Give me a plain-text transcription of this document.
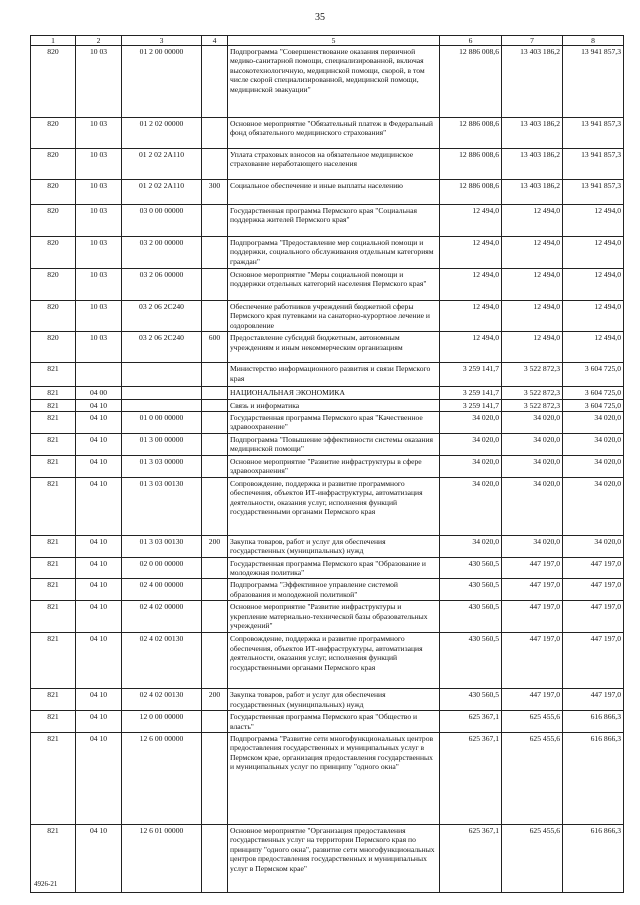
35
1	2	3	4	5	6	7	8
820	10 03	01 2 00 00000		Подпрограмма "Совершенствование оказания первичной медико-санитарной помощи, специализированной, включая высокотехнологичную, медицинской помощи, скорой, в том числе скорой специализированной, медицинской помощи, медицинской эвакуации"	12 886 008,6	13 403 186,2	13 941 857,3
820	10 03	01 2 02 00000		Основное мероприятие "Обязательный платеж в Федеральный фонд обязательного медицинского страхования"	12 886 008,6	13 403 186,2	13 941 857,3
820	10 03	01 2 02 2А110		Уплата страховых взносов на обязательное медицинское страхование неработающего населения	12 886 008,6	13 403 186,2	13 941 857,3
820	10 03	01 2 02 2А110	300	Социальное обеспечение и иные выплаты населению	12 886 008,6	13 403 186,2	13 941 857,3
820	10 03	03 0 00 00000		Государственная программа Пермского края "Социальная поддержка жителей Пермского края"	12 494,0	12 494,0	12 494,0
820	10 03	03 2 00 00000		Подпрограмма "Предоставление мер социальной помощи и поддержки, социального обслуживания отдельным категориям граждан"	12 494,0	12 494,0	12 494,0
820	10 03	03 2 06 00000		Основное мероприятие "Меры социальной помощи и поддержки отдельных категорий населения Пермского края"	12 494,0	12 494,0	12 494,0
820	10 03	03 2 06 2С240		Обеспечение работников учреждений бюджетной сферы Пермского края путевками на санаторно-курортное лечение и оздоровление	12 494,0	12 494,0	12 494,0
820	10 03	03 2 06 2С240	600	Предоставление субсидий бюджетным, автономным учреждениям и иным некоммерческим организациям	12 494,0	12 494,0	12 494,0
821				Министерство информационного развития и связи Пермского края	3 259 141,7	3 522 872,3	3 604 725,0
821	04 00			НАЦИОНАЛЬНАЯ ЭКОНОМИКА	3 259 141,7	3 522 872,3	3 604 725,0
821	04 10			Связь и информатика	3 259 141,7	3 522 872,3	3 604 725,0
821	04 10	01 0 00 00000		Государственная программа Пермского края "Качественное здравоохранение"	34 020,0	34 020,0	34 020,0
821	04 10	01 3 00 00000		Подпрограмма "Повышение эффективности системы оказания медицинской помощи"	34 020,0	34 020,0	34 020,0
821	04 10	01 3 03 00000		Основное мероприятие "Развитие инфраструктуры в сфере здравоохранения"	34 020,0	34 020,0	34 020,0
821	04 10	01 3 03 00130		Сопровождение, поддержка и развитие программного обеспечения, объектов ИТ-инфраструктуры, автоматизация деятельности, оказания услуг, исполнения функций государственными органами Пермского края	34 020,0	34 020,0	34 020,0
821	04 10	01 3 03 00130	200	Закупка товаров, работ и услуг для обеспечения государственных (муниципальных) нужд	34 020,0	34 020,0	34 020,0
821	04 10	02 0 00 00000		Государственная программа Пермского края "Образование и молодежная политика"	430 560,5	447 197,0	447 197,0
821	04 10	02 4 00 00000		Подпрограмма "Эффективное управление системой образования и молодежной политикой"	430 560,5	447 197,0	447 197,0
821	04 10	02 4 02 00000		Основное мероприятие "Развитие инфраструктуры и укрепление материально-технической базы образовательных учреждений"	430 560,5	447 197,0	447 197,0
821	04 10	02 4 02 00130		Сопровождение, поддержка и развитие программного обеспечения, объектов ИТ-инфраструктуры, автоматизация деятельности, оказания услуг, исполнения функций государственными органами Пермского края	430 560,5	447 197,0	447 197,0
821	04 10	02 4 02 00130	200	Закупка товаров, работ и услуг для обеспечения государственных (муниципальных) нужд	430 560,5	447 197,0	447 197,0
821	04 10	12 0 00 00000		Государственная программа Пермского края "Общество и власть"	625 367,1	625 455,6	616 866,3
821	04 10	12 6 00 00000		Подпрограмма "Развитие сети многофункциональных центров предоставления государственных и муниципальных услуг в Пермском крае, организация предоставления государственных и муниципальных услуг по принципу "одного окна"	625 367,1	625 455,6	616 866,3
821	04 10	12 6 01 00000		Основное мероприятие "Организация предоставления государственных услуг на территории Пермского края по принципу "одного окна", развитие сети многофункциональных центров предоставления государственных и муниципальных услуг в Пермском крае"	625 367,1	625 455,6	616 866,3
4926-21
